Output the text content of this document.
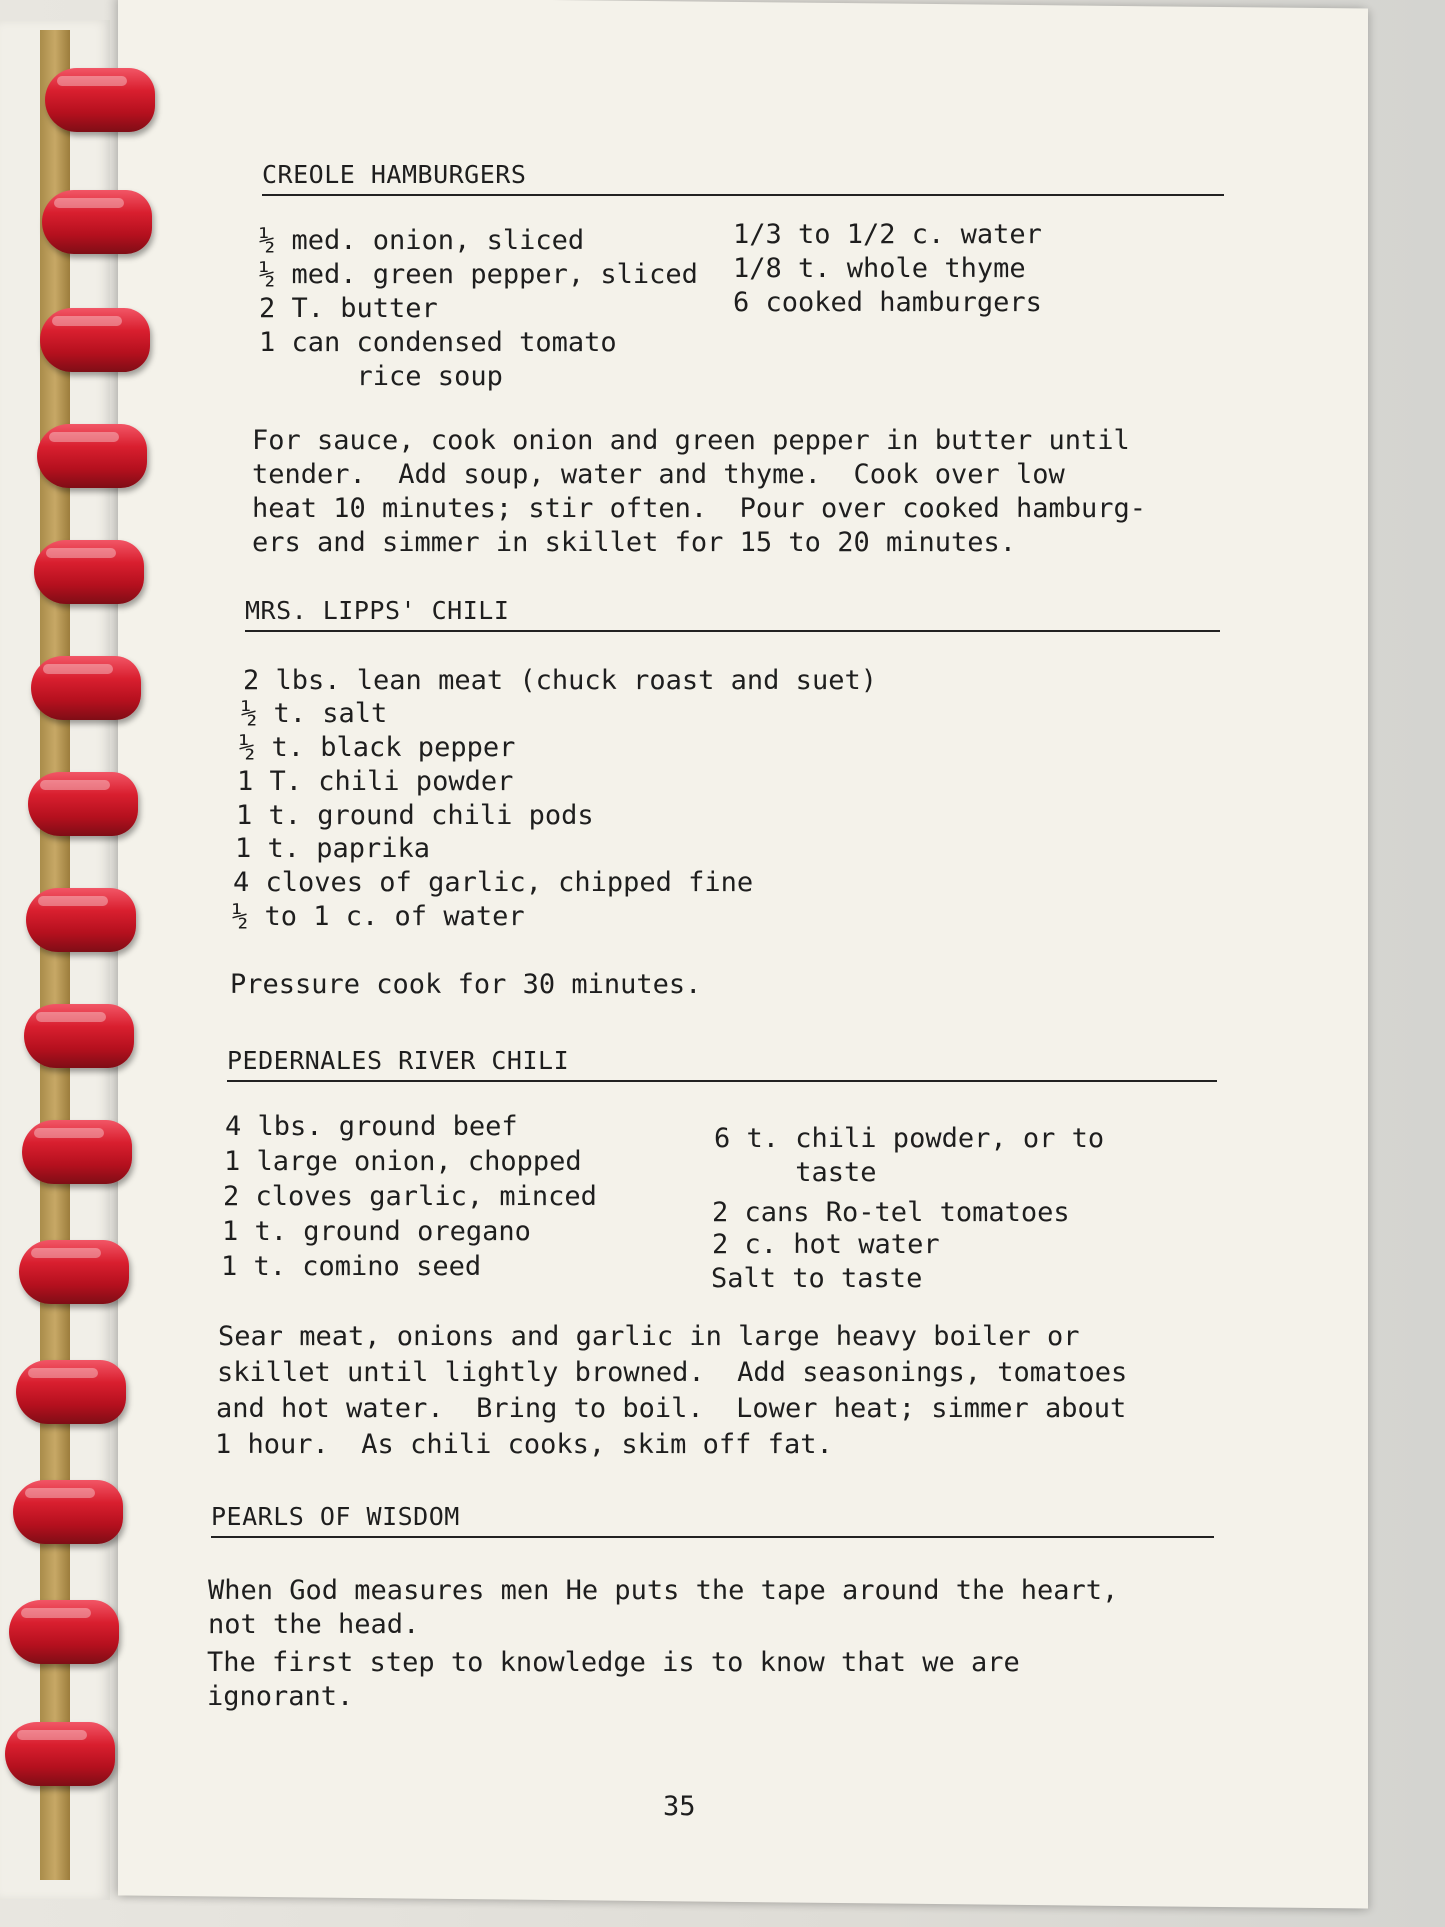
CREOLE HAMBURGERS
½ med. onion, sliced
½ med. green pepper, sliced
2 T. butter
1 can condensed tomato
rice soup
1/3 to 1/2 c. water
1/8 t. whole thyme
6 cooked hamburgers
For sauce, cook onion and green pepper in butter until
tender.  Add soup, water and thyme.  Cook over low
heat 10 minutes; stir often.  Pour over cooked hamburg-
ers and simmer in skillet for 15 to 20 minutes.
MRS. LIPPS' CHILI
2 lbs. lean meat (chuck roast and suet)
½ t. salt
½ t. black pepper
1 T. chili powder
1 t. ground chili pods
1 t. paprika
4 cloves of garlic, chipped fine
½ to 1 c. of water
Pressure cook for 30 minutes.
PEDERNALES RIVER CHILI
4 lbs. ground beef
1 large onion, chopped
2 cloves garlic, minced
1 t. ground oregano
1 t. comino seed
6 t. chili powder, or to
taste
2 cans Ro-tel tomatoes
2 c. hot water
Salt to taste
Sear meat, onions and garlic in large heavy boiler or
skillet until lightly browned.  Add seasonings, tomatoes
and hot water.  Bring to boil.  Lower heat; simmer about
1 hour.  As chili cooks, skim off fat.
PEARLS OF WISDOM
When God measures men He puts the tape around the heart,
not the head.
The first step to knowledge is to know that we are
ignorant.
35
